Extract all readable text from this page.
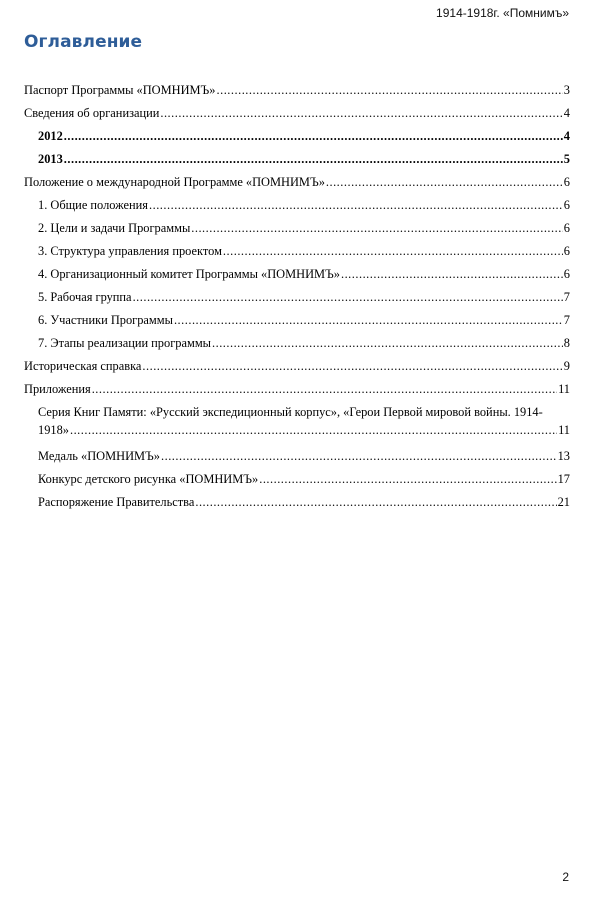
1914-1918г. «Помнимъ»
Оглавление
Паспорт Программы «ПОМНИМЪ» .....	3
Сведения об организации .....	4
2012 .....	4
2013 .....	5
Положение о международной Программе «ПОМНИМЪ» .....	6
1. Общие положения .....	6
2. Цели и задачи Программы .....	6
3. Структура управления проектом .....	6
4. Организационный комитет Программы «ПОМНИМЪ» .....	6
5. Рабочая группа .....	7
6. Участники Программы .....	7
7. Этапы реализации программы .....	8
Историческая справка .....	9
Приложения .....	11
Серия Книг Памяти: «Русский экспедиционный корпус», «Герои Первой мировой войны. 1914-
1918» .....	11
Медаль «ПОМНИМЪ» .....	13
Конкурс детского рисунка «ПОМНИМЪ» .....	17
Распоряжение Правительства .....	21
2
